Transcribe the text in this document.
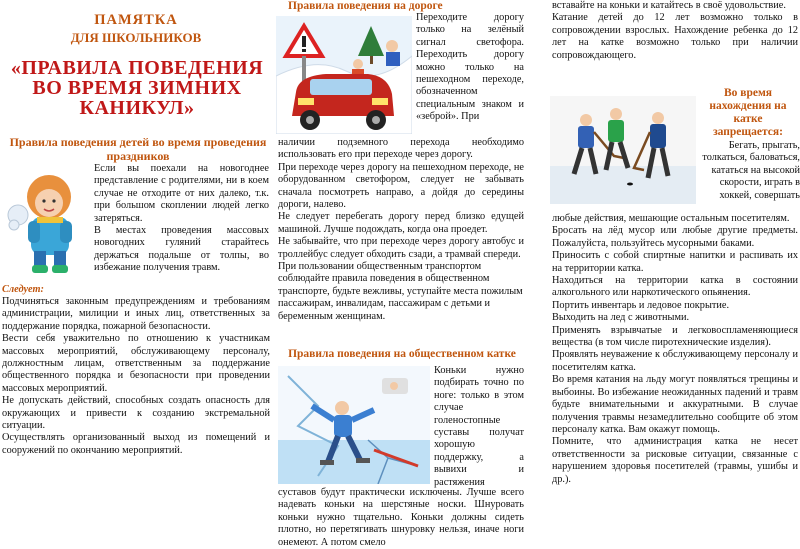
ПАМЯТКА
ДЛЯ ШКОЛЬНИКОВ
«ПРАВИЛА ПОВЕДЕНИЯ ВО ВРЕМЯ ЗИМНИХ КАНИКУЛ»
Правила поведения детей во время проведения праздников

Если вы поехали на новогоднее представление с родителями, ни в коем случае не отходите от них далеко, т.к. при большом скоплении людей легко затеряться.

В местах проведения массовых новогодних гуляний старайтесь держаться подальше от толпы, во избежание получения травм.

Следует:

Подчиняться законным предупреждениям и требованиям администрации, милиции и иных лиц, ответственных за поддержание порядка, пожарной безопасности.

Вести себя уважительно по отношению к участникам массовых мероприятий, обслуживающему персоналу, должностным лицам, ответственным за поддержание общественного порядка и безопасности при проведении массовых мероприятий.

Не допускать действий, способных создать опасность для окружающих и привести к созданию экстремальной ситуации.

Осуществлять организованный выход из помещений и сооружений по окончанию мероприятий.

Правила поведения на дороге

Переходите дорогу только на зелёный сигнал светофора. Переходить дорогу можно только на пешеходном переходе, обозначенном специальным знаком и «зеброй». При

наличии подземного перехода необходимо использовать его при переходе через дорогу.

При переходе через дорогу на пешеходном переходе, не оборудованном светофором, следует не забывать сначала посмотреть направо, а дойдя до середины дороги, налево.

Не следует перебегать дорогу перед близко едущей машиной. Лучше подождать, когда она проедет.

Не забывайте, что при переходе через дорогу автобус и троллейбус следует обходить сзади, а трамвай спереди.

При пользовании общественным транспортом соблюдайте правила поведения в общественном транспорте, будьте вежливы, уступайте места пожилым пассажирам, инвалидам, пассажирам с детьми и беременным женщинам.

Правила поведения на общественном катке

Коньки нужно подбирать точно по ноге: только в этом случае голеностопные суставы получат хорошую поддержку, а вывихи и растяжения

суставов будут практически исключены. Лучше всего надевать коньки на шерстяные носки. Шнуровать коньки нужно тщательно. Коньки должны сидеть плотно, но перетягивать шнуровку нельзя, иначе ноги онемеют. А потом смело

вставайте на коньки и катайтесь в своё удовольствие.

Катание детей до 12 лет возможно только в сопровождении взрослых. Нахождение ребенка до 12 лет на катке возможно только при наличии сопровождающего.

Во время нахождения на катке запрещается:

Бегать, прыгать, толкаться, баловаться, кататься на высокой скорости, играть в хоккей, совершать

любые действия, мешающие остальным посетителям.

Бросать на лёд мусор или любые другие предметы. Пожалуйста, пользуйтесь мусорными баками.

Приносить с собой спиртные напитки и распивать их на территории катка.

Находиться на территории катка в состоянии алкогольного или наркотического опьянения.

Портить инвентарь и ледовое покрытие.

Выходить на лед с животными.

Применять взрывчатые и легковоспламеняющиеся вещества (в том числе пиротехнические изделия).

Проявлять неуважение к обслуживающему персоналу и посетителям катка.

Во время катания на льду могут появляться трещины и выбоины. Во избежание неожиданных падений и травм будьте внимательными и аккуратными. В случае получения травмы незамедлительно сообщите об этом персоналу катка. Вам окажут помощь.

Помните, что администрация катка не несет ответственности за рисковые ситуации, связанные с нарушением здоровья посетителей (травмы, ушибы и др.).
